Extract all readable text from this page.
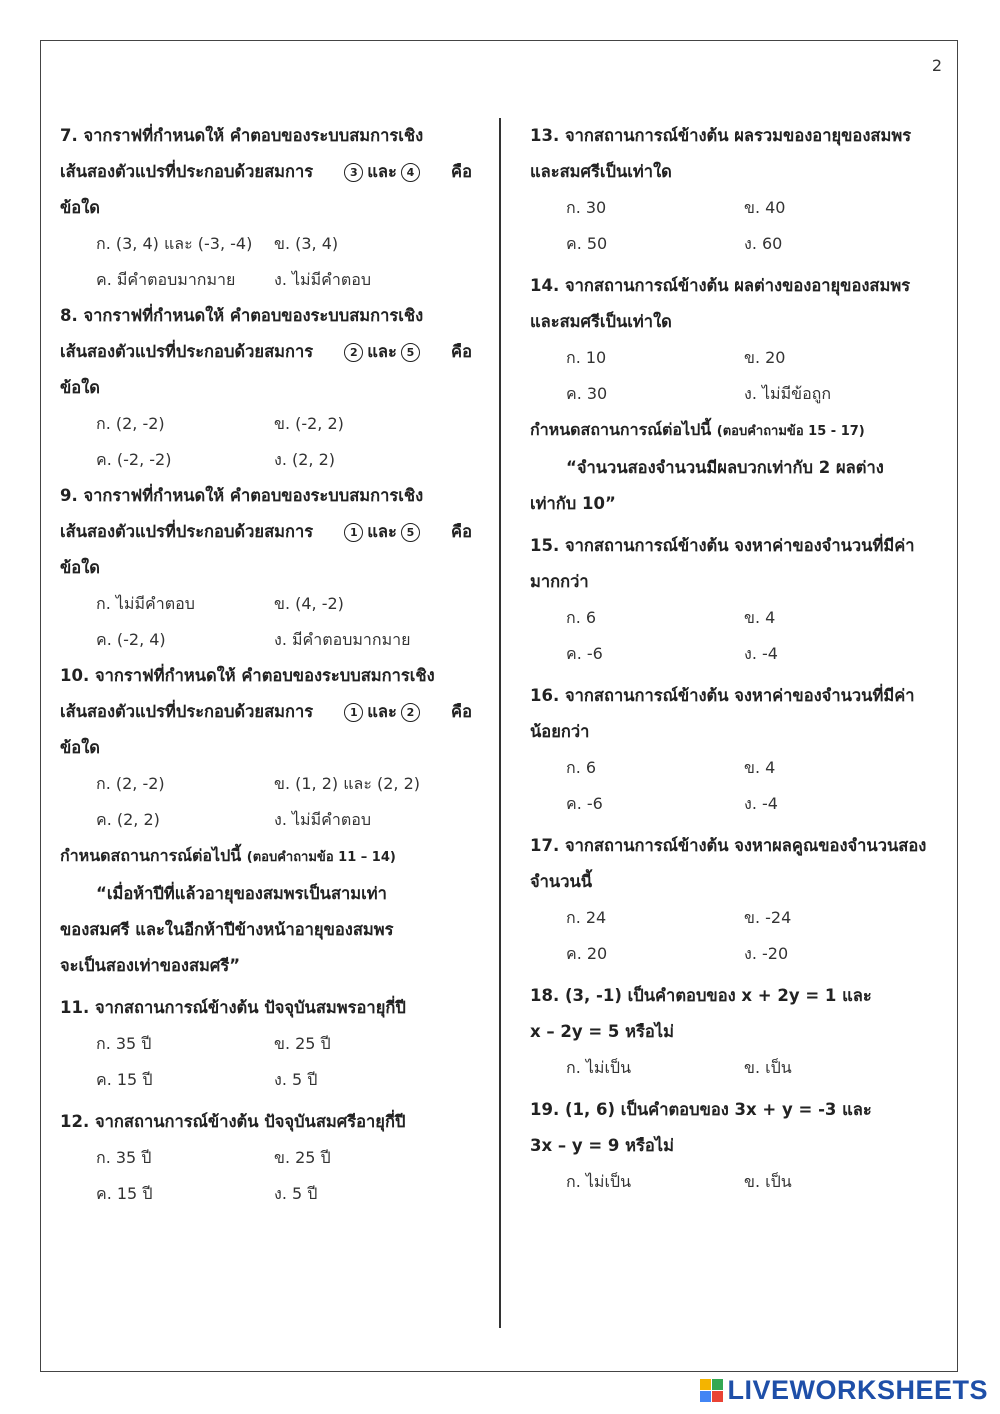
2
7. จากราฟที่กำหนดให้ คำตอบของระบบสมการเชิง
เส้นสองตัวแปรที่ประกอบด้วยสมการ	3 และ 4	คือ
ข้อใด
ก. (3, 4) และ (-3, -4)	ข. (3, 4)
ค. มีคำตอบมากมาย	ง. ไม่มีคำตอบ
8. จากราฟที่กำหนดให้ คำตอบของระบบสมการเชิง
เส้นสองตัวแปรที่ประกอบด้วยสมการ	2 และ 5	คือ
ข้อใด
ก. (2, -2)	ข. (-2, 2)
ค. (-2, -2)	ง. (2, 2)
9. จากราฟที่กำหนดให้ คำตอบของระบบสมการเชิง
เส้นสองตัวแปรที่ประกอบด้วยสมการ	1 และ 5	คือ
ข้อใด
ก. ไม่มีคำตอบ	ข. (4, -2)
ค. (-2, 4)	ง. มีคำตอบมากมาย
10. จากราฟที่กำหนดให้ คำตอบของระบบสมการเชิง
เส้นสองตัวแปรที่ประกอบด้วยสมการ	1 และ 2	คือ
ข้อใด
ก. (2, -2)	ข. (1, 2) และ (2, 2)
ค. (2, 2)	ง. ไม่มีคำตอบ
กำหนดสถานการณ์ต่อไปนี้ (ตอบคำถามข้อ 11 – 14)
“เมื่อห้าปีที่แล้วอายุของสมพรเป็นสามเท่า
ของสมศรี และในอีกห้าปีข้างหน้าอายุของสมพร
จะเป็นสองเท่าของสมศรี”
11. จากสถานการณ์ข้างต้น ปัจจุบันสมพรอายุกี่ปี
ก. 35 ปี	ข. 25 ปี
ค. 15 ปี	ง. 5 ปี
12. จากสถานการณ์ข้างต้น ปัจจุบันสมศรีอายุกี่ปี
ก. 35 ปี	ข. 25 ปี
ค. 15 ปี	ง. 5 ปี
13. จากสถานการณ์ข้างต้น ผลรวมของอายุของสมพร
และสมศรีเป็นเท่าใด
ก. 30	ข. 40
ค. 50	ง. 60
14. จากสถานการณ์ข้างต้น ผลต่างของอายุของสมพร
และสมศรีเป็นเท่าใด
ก. 10	ข. 20
ค. 30	ง. ไม่มีข้อถูก
กำหนดสถานการณ์ต่อไปนี้ (ตอบคำถามข้อ 15 - 17)
“จำนวนสองจำนวนมีผลบวกเท่ากับ 2 ผลต่าง
เท่ากับ 10”
15. จากสถานการณ์ข้างต้น จงหาค่าของจำนวนที่มีค่า
มากกว่า
ก. 6	ข. 4
ค. -6	ง. -4
16. จากสถานการณ์ข้างต้น จงหาค่าของจำนวนที่มีค่า
น้อยกว่า
ก. 6	ข. 4
ค. -6	ง. -4
17. จากสถานการณ์ข้างต้น จงหาผลคูณของจำนวนสอง
จำนวนนี้
ก. 24	ข. -24
ค. 20	ง. -20
18. (3, -1) เป็นคำตอบของ x + 2y = 1 และ
x – 2y = 5 หรือไม่
ก. ไม่เป็น	ข. เป็น
19. (1, 6) เป็นคำตอบของ 3x + y = -3 และ
3x – y = 9 หรือไม่
ก. ไม่เป็น	ข. เป็น
LIVEWORKSHEETS
